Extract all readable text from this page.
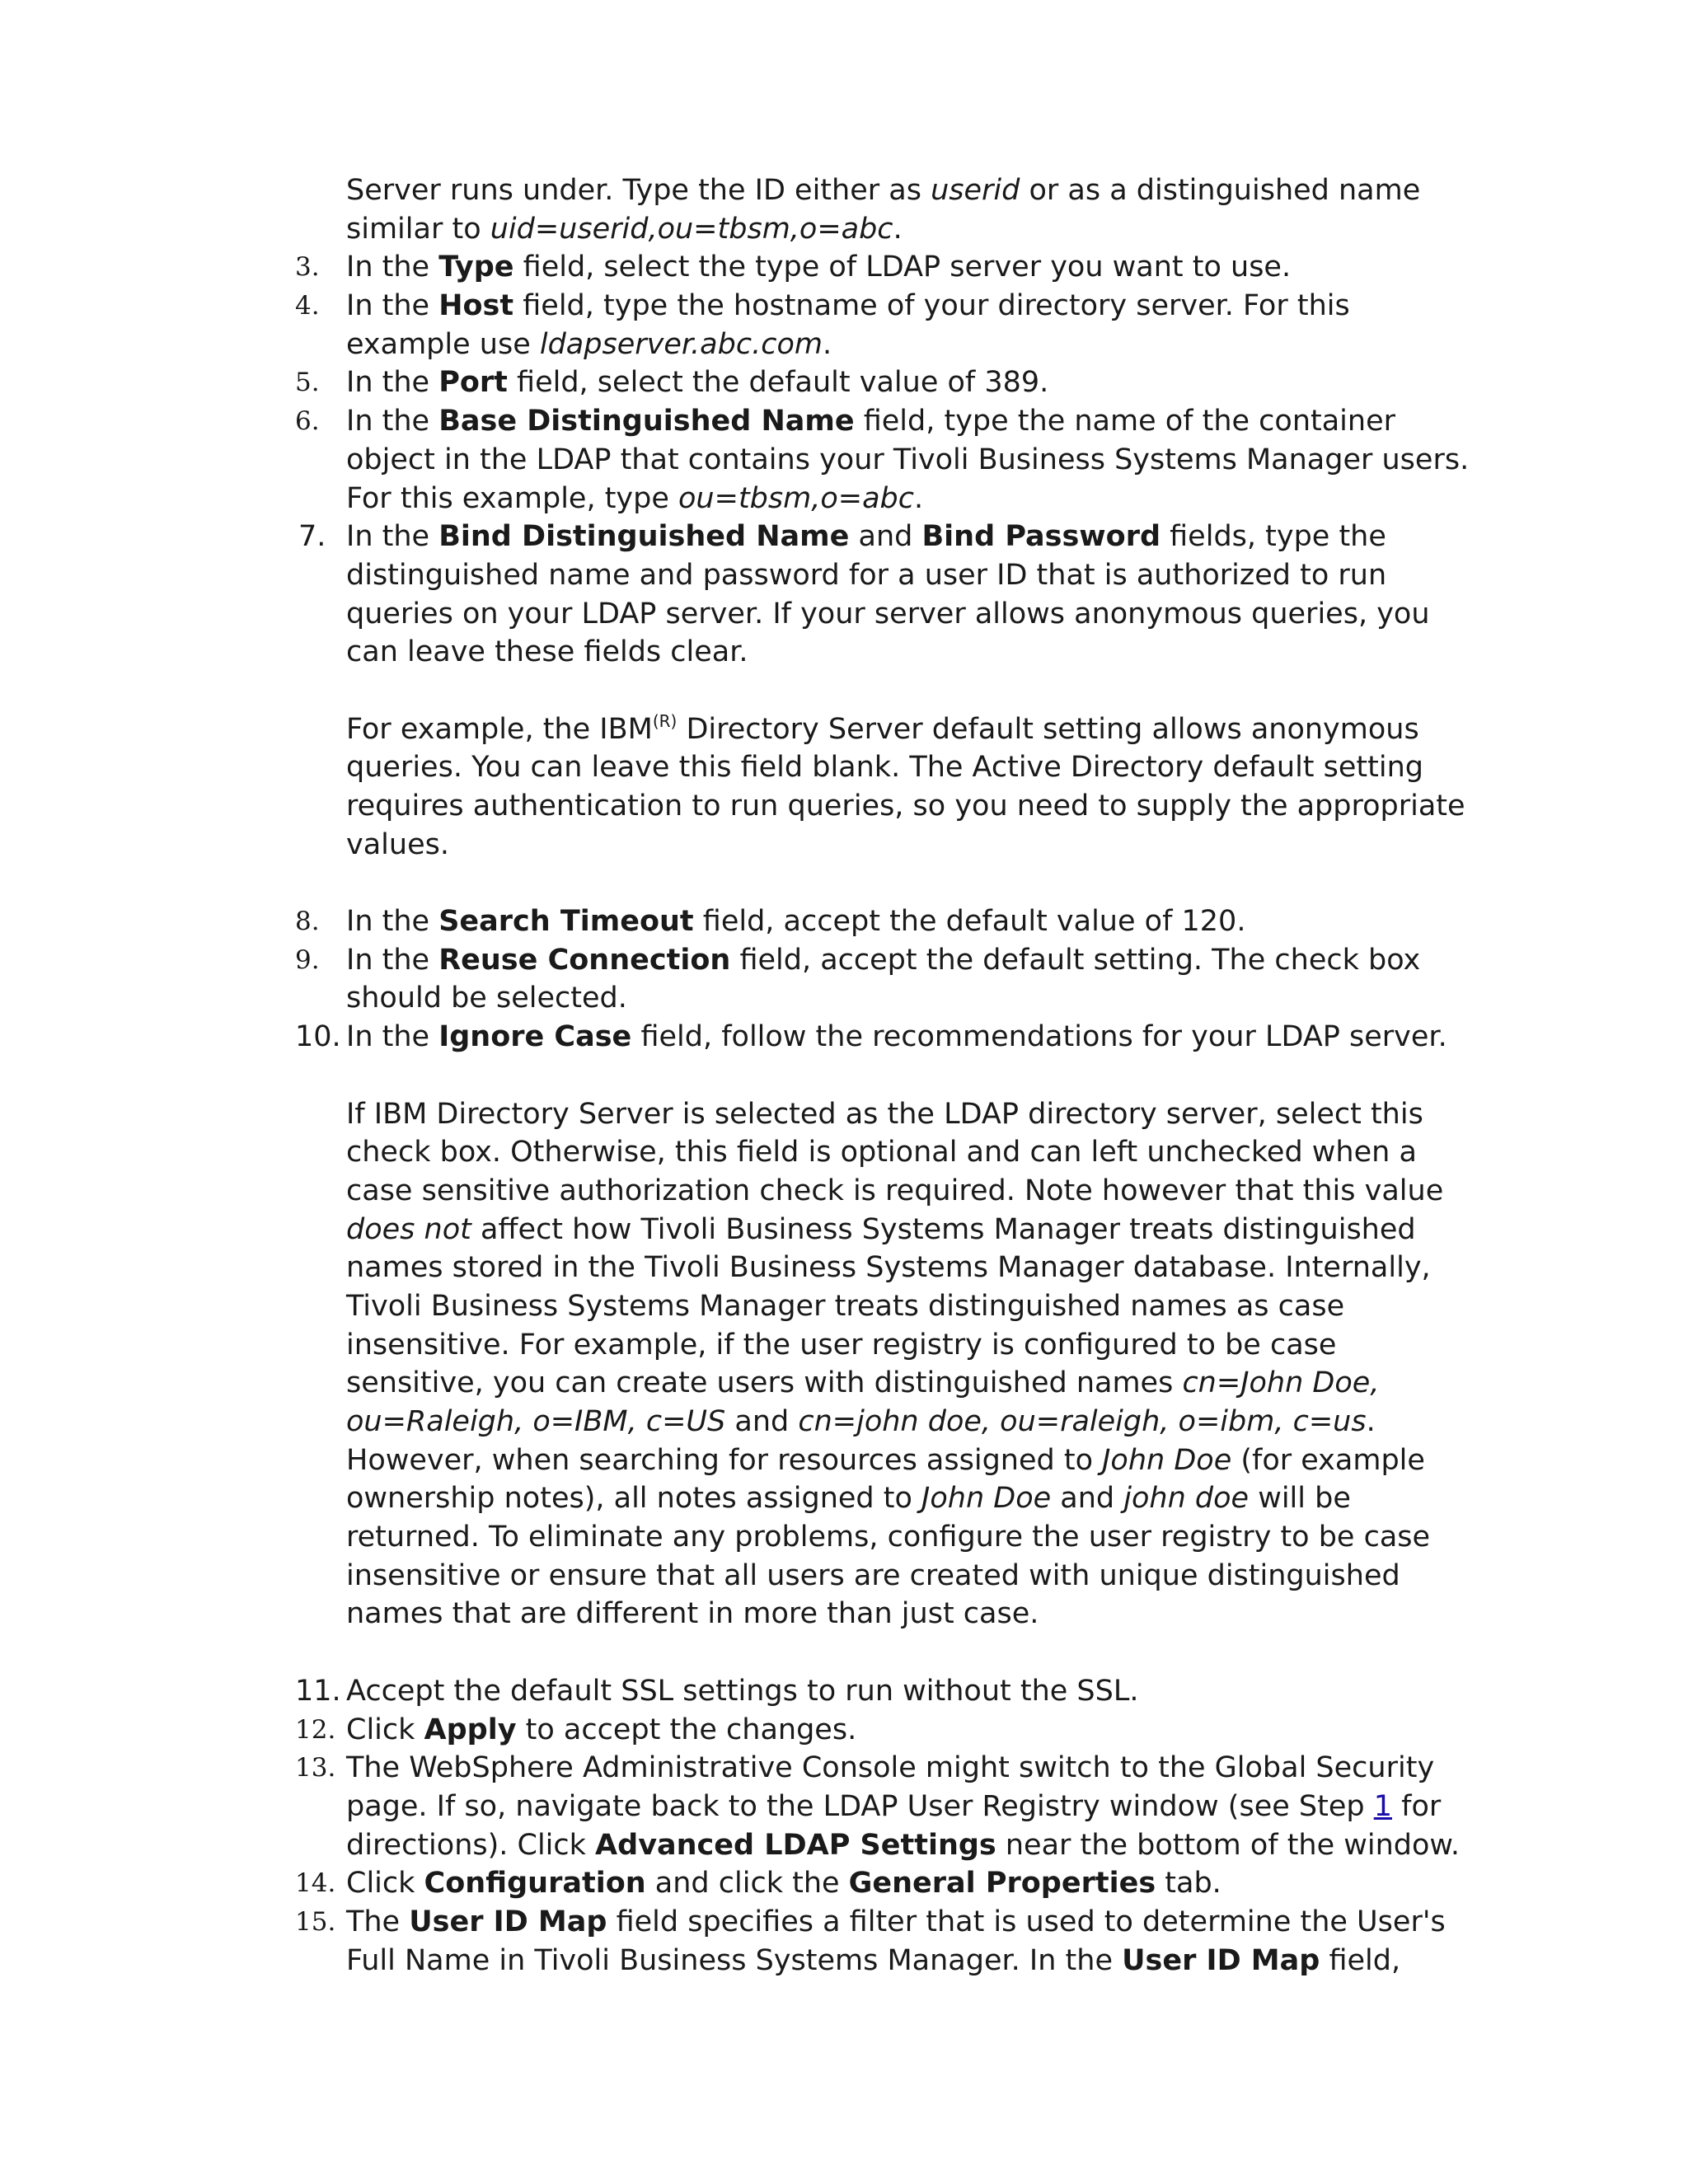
Server runs under. Type the ID either as userid or as a distinguished name
similar to uid=userid,ou=tbsm,o=abc.
3. In the Type field, select the type of LDAP server you want to use.
4. In the Host field, type the hostname of your directory server. For this
example use ldapserver.abc.com.
5. In the Port field, select the default value of 389.
6. In the Base Distinguished Name field, type the name of the container
object in the LDAP that contains your Tivoli Business Systems Manager users.
For this example, type ou=tbsm,o=abc.
7. In the Bind Distinguished Name and Bind Password fields, type the
distinguished name and password for a user ID that is authorized to run
queries on your LDAP server. If your server allows anonymous queries, you
can leave these fields clear.
For example, the $IBM^{(R)}$ Directory Server default setting allows anonymous
queries. You can leave this field blank. The Active Directory default setting
requires authentication to run queries, so you need to supply the appropriate
values.
8. In the Search Timeout field, accept the default value of 120.
9. In the Reuse Connection field, accept the default setting. The check box
should be selected.
10. In the Ignore Case field, follow the recommendations for your LDAP server.
If IBM Directory Server is selected as the LDAP directory server, select this
check box. Otherwise, this field is optional and can left unchecked when a
case sensitive authorization check is required. Note however that this value
does not affect how Tivoli Business Systems Manager treats distinguished
names stored in the Tivoli Business Systems Manager database. Internally,
Tivoli Business Systems Manager treats distinguished names as case
insensitive. For example, if the user registry is configured to be case
sensitive, you can create users with distinguished names cn=John Doe,
ou=Raleigh, o=IBM, c=US and cn=john doe, ou=raleigh, o=ibm, c=us.
However, when searching for resources assigned to John Doe (for example
ownership notes), all notes assigned to John Doe and john doe will be
returned. To eliminate any problems, configure the user registry to be case
insensitive or ensure that all users are created with unique distinguished
names that are different in more than just case.
11. Accept the default SSL settings to run without the SSL.
12. Click Apply to accept the changes.
13. The WebSphere Administrative Console might switch to the Global Security
page. If so, navigate back to the LDAP User Registry window (see Step 1 for
directions). Click Advanced LDAP Settings near the bottom of the window.
14. Click Configuration and click the General Properties tab.
15. The User ID Map field specifies a filter that is used to determine the User's
Full Name in Tivoli Business Systems Manager. In the User ID Map field,
